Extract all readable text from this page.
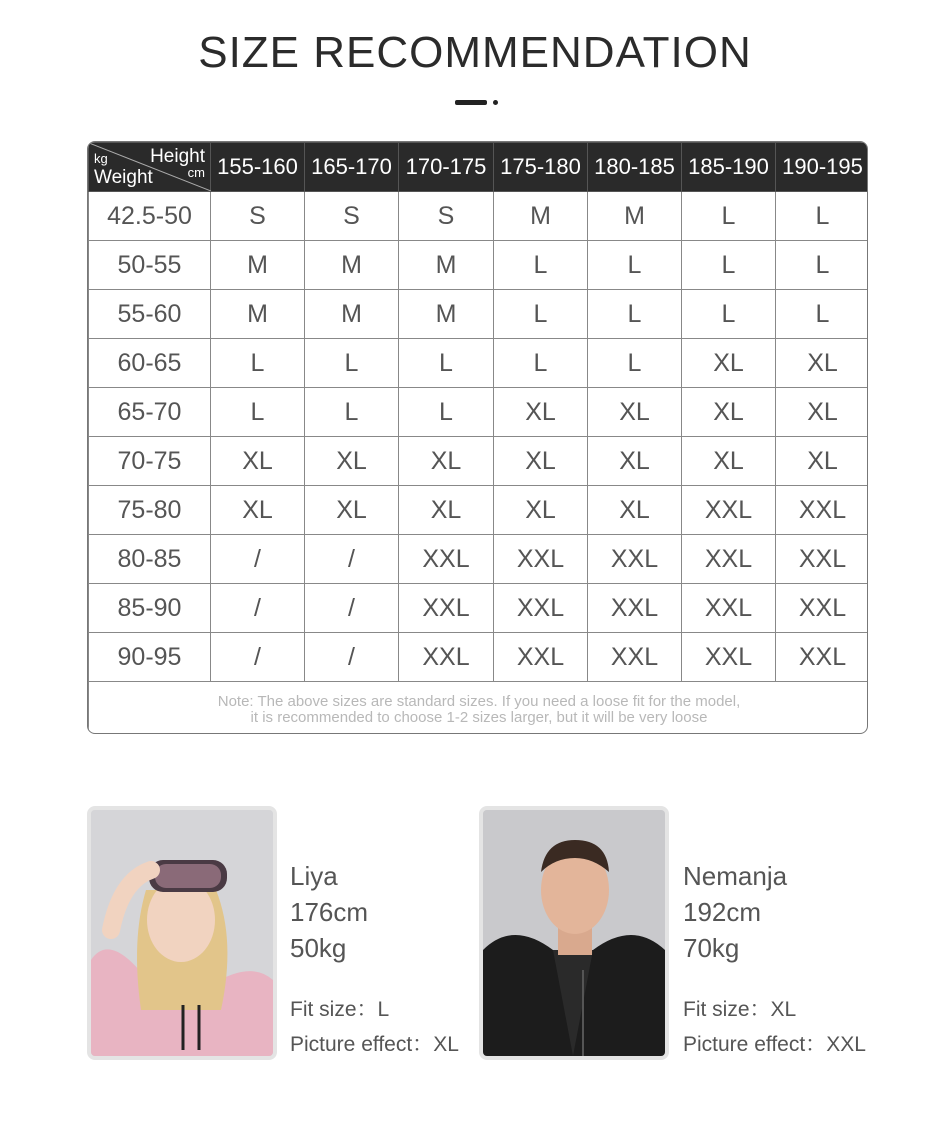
SIZE RECOMMENDATION
kg Height
cm
Weight	155-160	165-170	170-175	175-180	180-185	185-190	190-195
42.5-50	S	S	S	M	M	L	L
50-55	M	M	M	L	L	L	L
55-60	M	M	M	L	L	L	L
60-65	L	L	L	L	L	XL	XL
65-70	L	L	L	XL	XL	XL	XL
70-75	XL	XL	XL	XL	XL	XL	XL
75-80	XL	XL	XL	XL	XL	XXL	XXL
80-85	/	/	XXL	XXL	XXL	XXL	XXL
85-90	/	/	XXL	XXL	XXL	XXL	XXL
90-95	/	/	XXL	XXL	XXL	XXL	XXL

Note: The above sizes are standard sizes. If you need a loose fit for the model,
it is recommended to choose 1-2 sizes larger, but it will be very loose							
Liya
176cm
50kg
Fit size：L
Picture effect：XL
Nemanja
192cm
70kg
Fit size：XL
Picture effect：XXL
